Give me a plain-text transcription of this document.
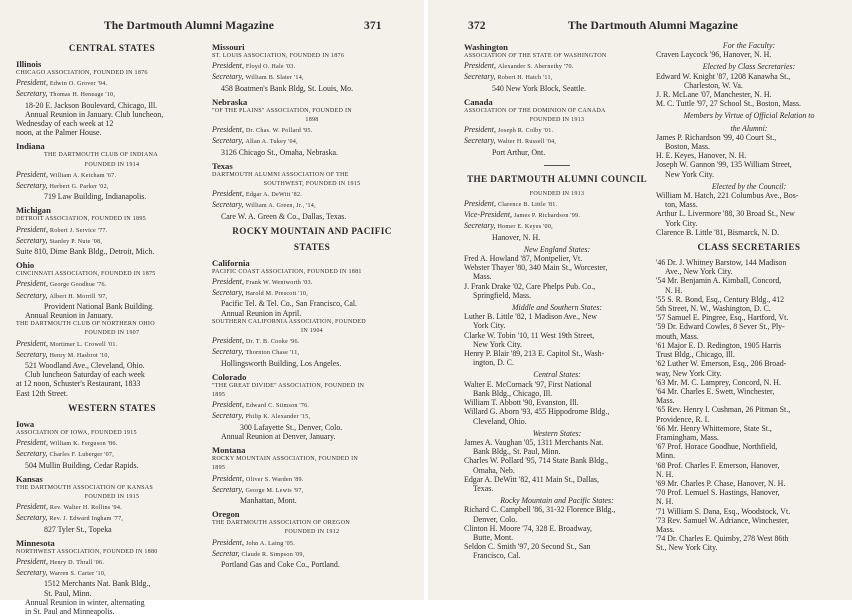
The Dartmouth Alumni Magazine	371
CENTRAL STATES
Illinois
CHICAGO ASSOCIATION, FOUNDED IN 1876
President, Edwin O. Grover '94.
Secretary, Thomas H. Heneage '10,
18-20 E. Jackson Boulevard, Chicago, Ill.
Annual Reunion in January. Club luncheon,
Wednesday of each week at 12
noon, at the Palmer House.
Indiana
THE DARTMOUTH CLUB OF INDIANA
FOUNDED IN 1914
President, William A. Ketcham '67.
Secretary, Herbert G. Parker '02,
719 Law Building, Indianapolis.
Michigan
DETROIT ASSOCIATION, FOUNDED IN 1895
President, Robert J. Service '77.
Secretary, Stanley P. Nute '08,
Suite 810, Dime Bank Bldg., Detroit, Mich.
Ohio
CINCINNATI ASSOCIATION, FOUNDED IN 1875
President, George Goodhue '76.
Secretary, Albert H. Morrill '97,
Provident National Bank Building.
Annual Reunion in January.
THE DARTMOUTH CLUB OF NORTHERN OHIO
FOUNDED IN 1907
President, Mortimer L. Crowell '01.
Secretary, Henry M. Hasbrot '10,
521 Woodland Ave., Cleveland, Ohio.
Club luncheon Saturday of each week
at 12 noon, Schuster's Restaurant, 1833
East 12th Street.
WESTERN STATES
Iowa
ASSOCIATION OF IOWA, FOUNDED 1915
President, William K. Ferguson '86.
Secretary, Charles F. Luberger '07,
504 Mullin Building, Cedar Rapids.
Kansas
THE DARTMOUTH ASSOCIATION OF KANSAS
FOUNDED IN 1915
President, Rev. Walter H. Rollins '94.
Secretary, Rev. J. Edward Ingham '77,
827 Tyler St., Topeka
Minnesota
NORTHWEST ASSOCIATION, FOUNDED IN 1880
President, Henry D. Thrall '06.
Secretary, Warren S. Carter '10,
1512 Merchants Nat. Bank Bldg.,
St. Paul, Minn.
Annual Reunion in winter, alternating
in St. Paul and Minneapolis.
Missouri
ST. LOUIS ASSOCIATION, FOUNDED IN 1876
President, Floyd O. Hale '03.
Secretary, William B. Slater '14,
458 Boatmen's Bank Bldg, St. Louis, Mo.
Nebraska
"OF THE PLAINS" ASSOCIATION, FOUNDED IN
1898
President, Dr. Chas. W. Pollard '95.
Secretary, Allan A. Tukey '04,
3126 Chicago St., Omaha, Nebraska.
Texas
DARTMOUTH ALUMNI ASSOCIATION OF THE
SOUTHWEST, FOUNDED IN 1915
President, Edgar A. DeWitt '82.
Secretary, William A. Green, Jr., '14,
Care W. A. Green & Co., Dallas, Texas.
ROCKY MOUNTAIN AND PACIFIC
STATES
California
PACIFIC COAST ASSOCIATION, FOUNDED IN 1881
President, Frank W. Wentworth '03.
Secretary, Harold M. Prescott '10,
Pacific Tel. & Tel. Co., San Francisco, Cal.
Annual Reunion in April.
SOUTHERN CALIFORNIA ASSOCIATION, FOUNDED
IN 1904
President, Dr. T. B. Cooke '96.
Secretary, Thornton Chase '11,
Hollingsworth Building, Los Angeles.
Colorado
"THE GREAT DIVIDE" ASSOCIATION, FOUNDED IN
1895
President, Edward C. Stimson '76.
Secretary, Philip K. Alexander '15,
300 Lafayette St., Denver, Colo.
Annual Reunion at Denver, January.
Montana
ROCKY MOUNTAIN ASSOCIATION, FOUNDED IN
1895
President, Oliver S. Warden '89.
Secretary, George M. Lewis '97,
Manhattan, Mont.
Oregon
THE DARTMOUTH ASSOCIATION OF OREGON
FOUNDED IN 1912
President, John A. Laing '05.
Secretar, Claude R. Simpson '09,
Portland Gas and Coke Co., Portland.
372	The Dartmouth Alumni Magazine
Washington
ASSOCIATION OF THE STATE OF WASHINGTON
President, Alexander S. Abernethy '70.
Secretary, Robert H. Hatch '11,
540 New York Block, Seattle.
Canada
ASSOCIATION OF THE DOMINION OF CANADA
FOUNDED IN 1913
President, Joseph R. Colby '01.
Secretary, Walter H. Russell '04,
Port Arthur, Ont.
THE DARTMOUTH ALUMNI COUNCIL
FOUNDED IN 1913
President, Clarence B. Little '81.
Vice-President, James P. Richardson '99.
Secretary, Homer E. Keyes '00,
Hanover, N. H.
New England States:
Fred A. Howland '87, Montpelier, Vt.
Webster Thayer '80, 340 Main St., Worcester,
Mass.
J. Frank Drake '02, Care Phelps Pub. Co.,
Springfield, Mass.
Middle and Southern States:
Luther B. Little '82, 1 Madison Ave., New
York City.
Clarke W. Tobin '10, 11 West 19th Street,
New York City.
Henry P. Blair '89, 213 E. Capitol St., Wash-
ington, D. C.
Central States:
Walter E. McCornack '97, First National
Bank Bldg., Chicago, Ill.
William T. Abbott '90, Evanston, Ill.
Willard G. Aborn '93, 455 Hippodrome Bldg.,
Cleveland, Ohio.
Western States:
James A. Vaughan '05, 1311 Merchants Nat.
Bank Bldg., St. Paul, Minn.
Charles W. Pollard '95, 714 State Bank Bldg.,
Omaha, Neb.
Edgar A. DeWitt '82, 411 Main St., Dallas,
Texas.
Rocky Mountain and Pacific States:
Richard C. Campbell '86, 31-32 Florence Bldg.,
Denver, Colo.
Clinton H. Moore '74, 328 E. Broadway,
Butte, Mont.
Seldon C. Smith '97, 20 Second St., San
Francisco, Cal.
For the Faculty:
Craven Laycock '96, Hanover, N. H.
Elected by Class Secretaries:
Edward W. Knight '87, 1208 Kanawha St.,
Charleston, W. Va.
J. R. McLane '07, Manchester, N. H.
M. C. Tuttle '97, 27 School St., Boston, Mass.
Members by Virtue of Official Relation to
the Alumni:
James P. Richardson '99, 40 Court St.,
Boston, Mass.
H. E. Keyes, Hanover, N. H.
Joseph W. Gannon '99, 135 William Street,
New York City.
Elected by the Council:
William M. Hatch, 221 Columbus Ave., Bos-
ton, Mass.
Arthur L. Livermore '88, 30 Broad St., New
York City.
Clarence B. Little '81, Bismarck, N. D.
CLASS SECRETARIES
'46 Dr. J. Whitney Barstow, 144 Madison
Ave., New York City.
'54 Mr. Benjamin A. Kimball, Concord,
N. H.
'55 S. R. Bond, Esq., Century Bldg., 412
5th Street, N. W., Washington, D. C.
'57 Samuel E. Pingree, Esq., Hartford, Vt.
'59 Dr. Edward Cowles, 8 Sever St., Ply-
mouth, Mass.
'61 Major E. D. Redington, 1905 Harris
Trust Bldg., Chicago, Ill.
'62 Luther W. Emerson, Esq., 206 Broad-
way, New York City.
'63 Mr. M. C. Lamprey, Concord, N. H.
'64 Mr. Charles E. Swett, Winchester,
Mass.
'65 Rev. Henry I. Cushman, 26 Pitman St.,
Providence, R. I.
'66 Mr. Henry Whittemore, State St.,
Framingham, Mass.
'67 Prof. Horace Goodhue, Northfield,
Minn.
'68 Prof. Charles F. Emerson, Hanover,
N. H.
'69 Mr. Charles P. Chase, Hanover, N. H.
'70 Prof. Lemuel S. Hastings, Hanover,
N. H.
'71 William S. Dana, Esq., Woodstock, Vt.
'73 Rev. Samuel W. Adriance, Winchester,
Mass.
'74 Dr. Charles E. Quimby, 278 West 86th
St., New York City.
